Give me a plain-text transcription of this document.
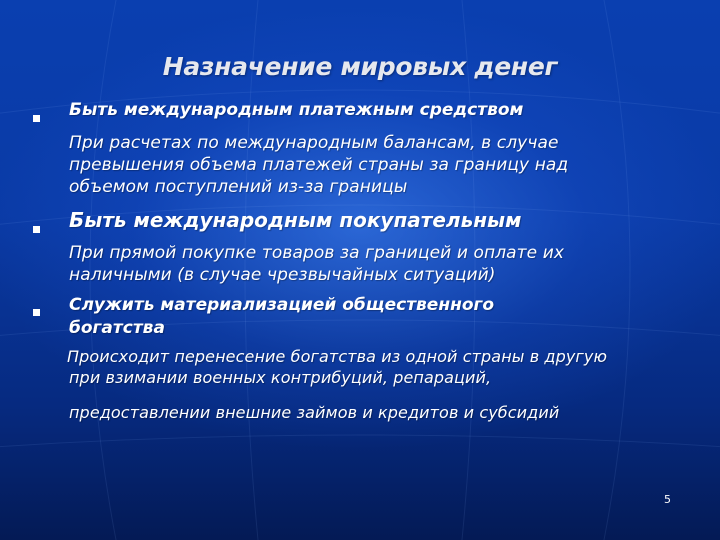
Назначение мировых денег

Быть международным платежным средством

При расчетах по международным балансам, в случае

превышения объема платежей страны за границу над

объемом поступлений из-за границы

Быть международным покупательным

При прямой покупке товаров за границей и оплате их

наличными (в случае чрезвычайных ситуаций)

Служить материализацией общественного

богатства

Происходит перенесение богатства из одной страны в другую

при взимании военных контрибуций, репараций,

предоставлении внешние займов и кредитов и субсидий

5
